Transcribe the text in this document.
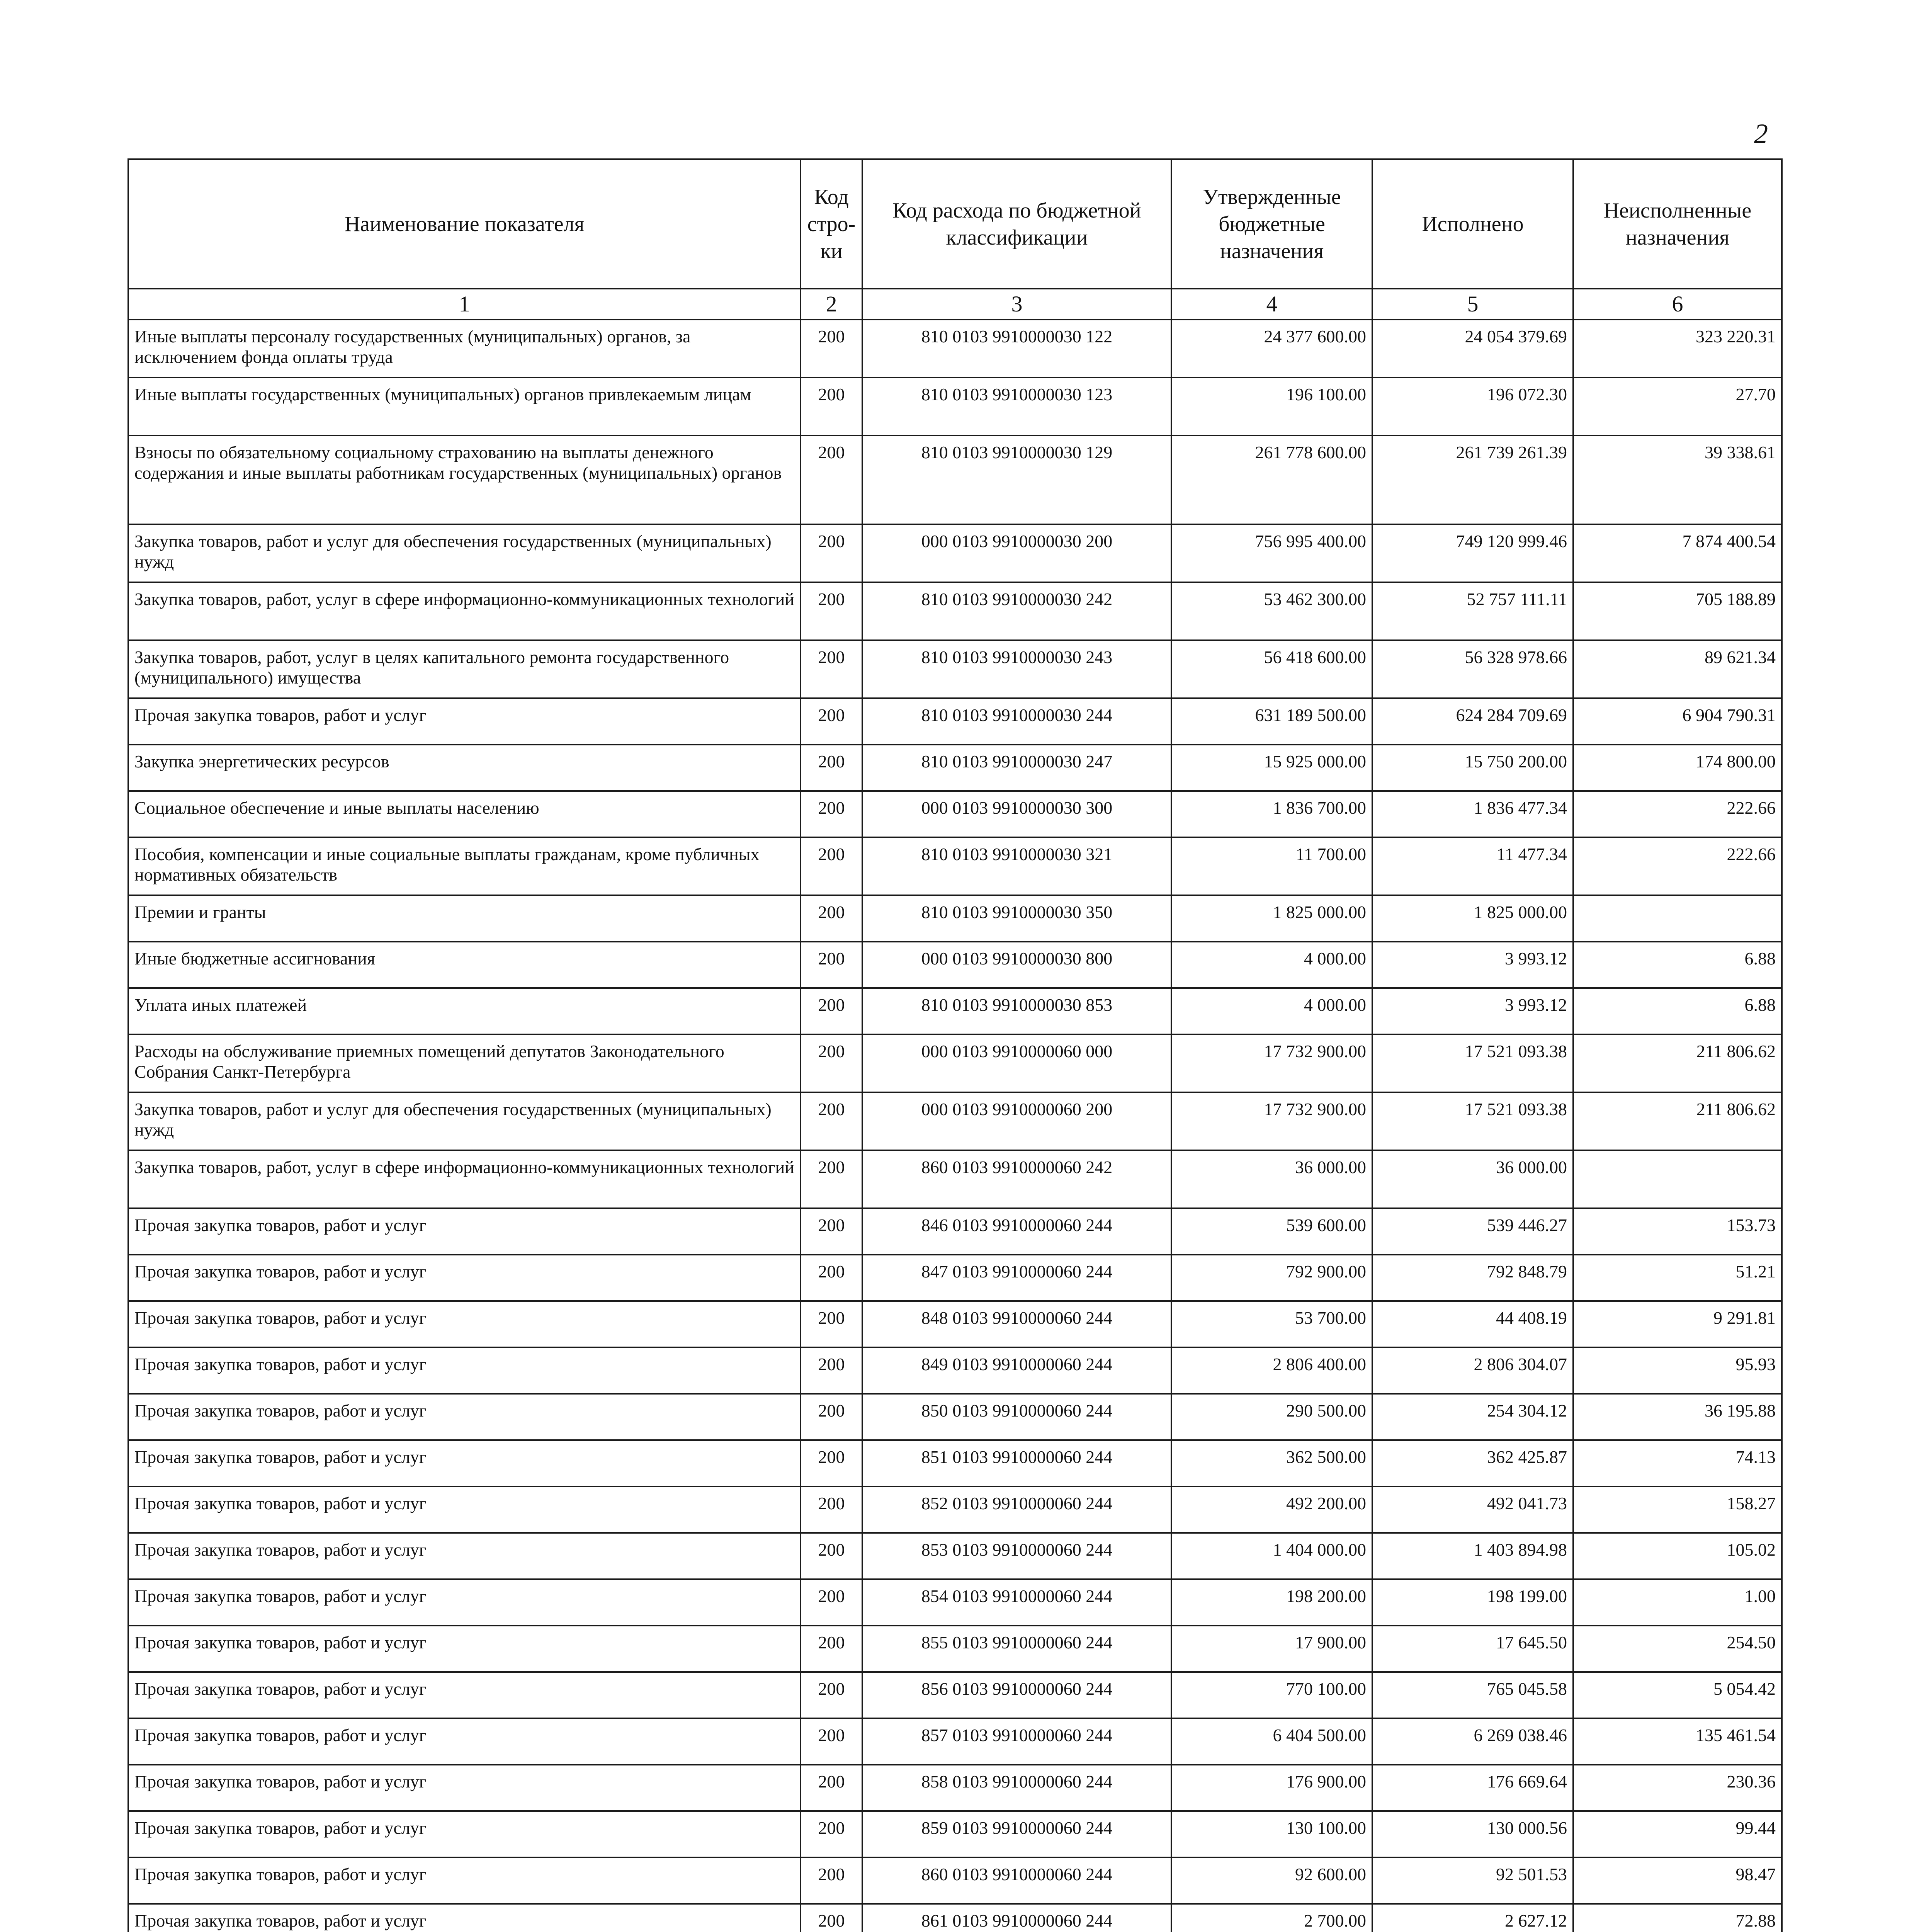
2
Наименование показателя	Код стро-ки	Код расхода по бюджетной классификации	Утвержденные бюджетные назначения	Исполнено	Неисполненные назначения
1	2	3	4	5	6
Иные выплаты персоналу государственных (муниципальных) органов, за исключением фонда оплаты труда	200	810 0103 9910000030 122	24 377 600.00	24 054 379.69	323 220.31
Иные выплаты государственных (муниципальных) органов привлекаемым лицам	200	810 0103 9910000030 123	196 100.00	196 072.30	27.70
Взносы по обязательному социальному страхованию на выплаты денежного содержания и иные выплаты работникам государственных (муниципальных) органов	200	810 0103 9910000030 129	261 778 600.00	261 739 261.39	39 338.61
Закупка товаров, работ и услуг для обеспечения государственных (муниципальных) нужд	200	000 0103 9910000030 200	756 995 400.00	749 120 999.46	7 874 400.54
Закупка товаров, работ, услуг в сфере информационно-коммуникационных технологий	200	810 0103 9910000030 242	53 462 300.00	52 757 111.11	705 188.89
Закупка товаров, работ, услуг в целях капитального ремонта государственного (муниципального) имущества	200	810 0103 9910000030 243	56 418 600.00	56 328 978.66	89 621.34
Прочая закупка товаров, работ и услуг	200	810 0103 9910000030 244	631 189 500.00	624 284 709.69	6 904 790.31
Закупка энергетических ресурсов	200	810 0103 9910000030 247	15 925 000.00	15 750 200.00	174 800.00
Социальное обеспечение и иные выплаты населению	200	000 0103 9910000030 300	1 836 700.00	1 836 477.34	222.66
Пособия, компенсации и иные социальные выплаты гражданам, кроме публичных нормативных обязательств	200	810 0103 9910000030 321	11 700.00	11 477.34	222.66
Премии и гранты	200	810 0103 9910000030 350	1 825 000.00	1 825 000.00	
Иные бюджетные ассигнования	200	000 0103 9910000030 800	4 000.00	3 993.12	6.88
Уплата иных платежей	200	810 0103 9910000030 853	4 000.00	3 993.12	6.88
Расходы на обслуживание приемных помещений депутатов Законодательного Собрания Санкт-Петербурга	200	000 0103 9910000060 000	17 732 900.00	17 521 093.38	211 806.62
Закупка товаров, работ и услуг для обеспечения государственных (муниципальных) нужд	200	000 0103 9910000060 200	17 732 900.00	17 521 093.38	211 806.62
Закупка товаров, работ, услуг в сфере информационно-коммуникационных технологий	200	860 0103 9910000060 242	36 000.00	36 000.00	
Прочая закупка товаров, работ и услуг	200	846 0103 9910000060 244	539 600.00	539 446.27	153.73
Прочая закупка товаров, работ и услуг	200	847 0103 9910000060 244	792 900.00	792 848.79	51.21
Прочая закупка товаров, работ и услуг	200	848 0103 9910000060 244	53 700.00	44 408.19	9 291.81
Прочая закупка товаров, работ и услуг	200	849 0103 9910000060 244	2 806 400.00	2 806 304.07	95.93
Прочая закупка товаров, работ и услуг	200	850 0103 9910000060 244	290 500.00	254 304.12	36 195.88
Прочая закупка товаров, работ и услуг	200	851 0103 9910000060 244	362 500.00	362 425.87	74.13
Прочая закупка товаров, работ и услуг	200	852 0103 9910000060 244	492 200.00	492 041.73	158.27
Прочая закупка товаров, работ и услуг	200	853 0103 9910000060 244	1 404 000.00	1 403 894.98	105.02
Прочая закупка товаров, работ и услуг	200	854 0103 9910000060 244	198 200.00	198 199.00	1.00
Прочая закупка товаров, работ и услуг	200	855 0103 9910000060 244	17 900.00	17 645.50	254.50
Прочая закупка товаров, работ и услуг	200	856 0103 9910000060 244	770 100.00	765 045.58	5 054.42
Прочая закупка товаров, работ и услуг	200	857 0103 9910000060 244	6 404 500.00	6 269 038.46	135 461.54
Прочая закупка товаров, работ и услуг	200	858 0103 9910000060 244	176 900.00	176 669.64	230.36
Прочая закупка товаров, работ и услуг	200	859 0103 9910000060 244	130 100.00	130 000.56	99.44
Прочая закупка товаров, работ и услуг	200	860 0103 9910000060 244	92 600.00	92 501.53	98.47
Прочая закупка товаров, работ и услуг	200	861 0103 9910000060 244	2 700.00	2 627.12	72.88
